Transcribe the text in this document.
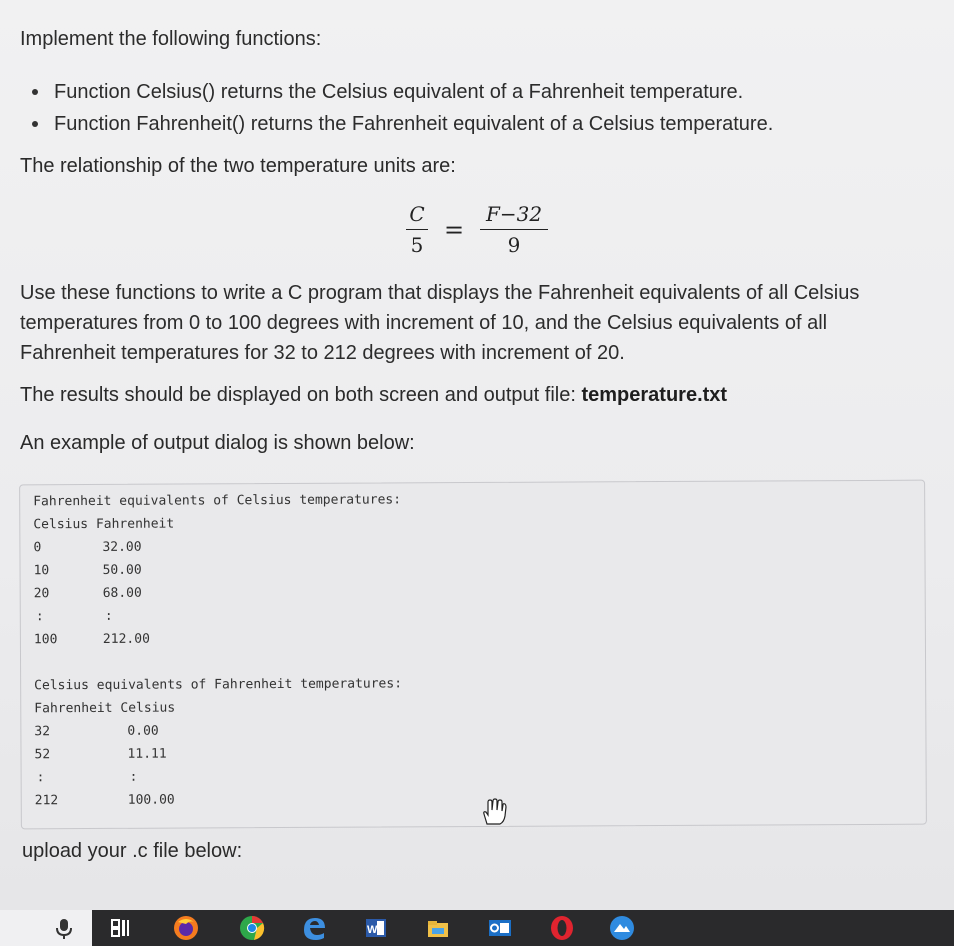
Implement the following functions:
Function Celsius() returns the Celsius equivalent of a Fahrenheit temperature.
Function Fahrenheit() returns the Fahrenheit equivalent of a Celsius temperature.
The relationship of the two temperature units are:
C
5
=
F−32
9
Use these functions to write a C program that displays the Fahrenheit equivalents of all Celsius temperatures from 0 to 100 degrees with increment of 10, and the Celsius equivalents of all Fahrenheit temperatures for 32 to 212 degrees with increment of 20.
The results should be displayed on both screen and output file: temperature.txt
An example of output dialog is shown below:
Fahrenheit equivalents of Celsius temperatures:
Celsius Fahrenheit
0	32.00
10	50.00
20	68.00
:	:
100	212.00
Celsius equivalents of Fahrenheit temperatures:
Fahrenheit Celsius
32	0.00
52	11.11
:	:
212	100.00
upload your .c file below:
W
